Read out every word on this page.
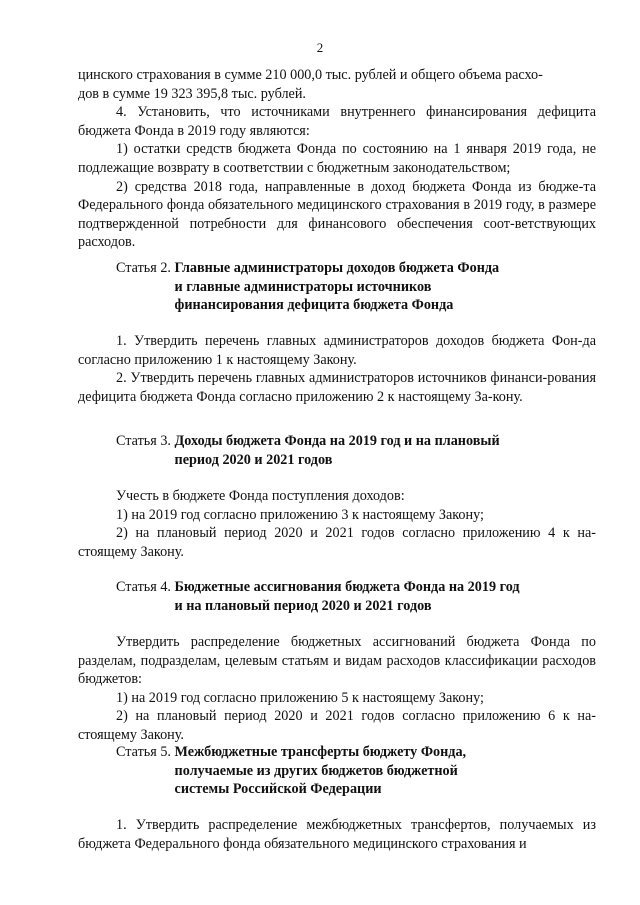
2

цинского страхования в сумме 210 000,0 тыс. рублей и общего объема расхо-

дов в сумме 19 323 395,8 тыс. рублей.

4. Установить, что источниками внутреннего финансирования дефицита бюджета Фонда в 2019 году являются:

1) остатки средств бюджета Фонда по состоянию на 1 января 2019 года, не подлежащие возврату в соответствии с бюджетным законодательством;

2) средства 2018 года, направленные в доход бюджета Фонда из бюдже-та Федерального фонда обязательного медицинского страхования в 2019 году, в размере подтвержденной потребности для финансового обеспечения соот-ветствующих расходов.

Статья 2. Главные администраторы доходов бюджета Фонда
и главные администраторы источников
финансирования дефицита бюджета Фонда

1. Утвердить перечень главных администраторов доходов бюджета Фон-да согласно приложению 1 к настоящему Закону.

2. Утвердить перечень главных администраторов источников финанси-рования дефицита бюджета Фонда согласно приложению 2 к настоящему За-кону.

Статья 3. Доходы бюджета Фонда на 2019 год и на плановый
период 2020 и 2021 годов

Учесть в бюджете Фонда поступления доходов:

1) на 2019 год согласно приложению 3 к настоящему Закону;

2) на плановый период 2020 и 2021 годов согласно приложению 4 к на-стоящему Закону.

Статья 4. Бюджетные ассигнования бюджета Фонда на 2019 год
и на плановый период 2020 и 2021 годов

Утвердить распределение бюджетных ассигнований бюджета Фонда по разделам, подразделам, целевым статьям и видам расходов классификации расходов бюджетов:

1) на 2019 год согласно приложению 5 к настоящему Закону;

2) на плановый период 2020 и 2021 годов согласно приложению 6 к на-стоящему Закону.

Статья 5. Межбюджетные трансферты бюджету Фонда,
получаемые из других бюджетов бюджетной
системы Российской Федерации

1. Утвердить распределение межбюджетных трансфертов, получаемых из бюджета Федерального фонда обязательного медицинского страхования и
